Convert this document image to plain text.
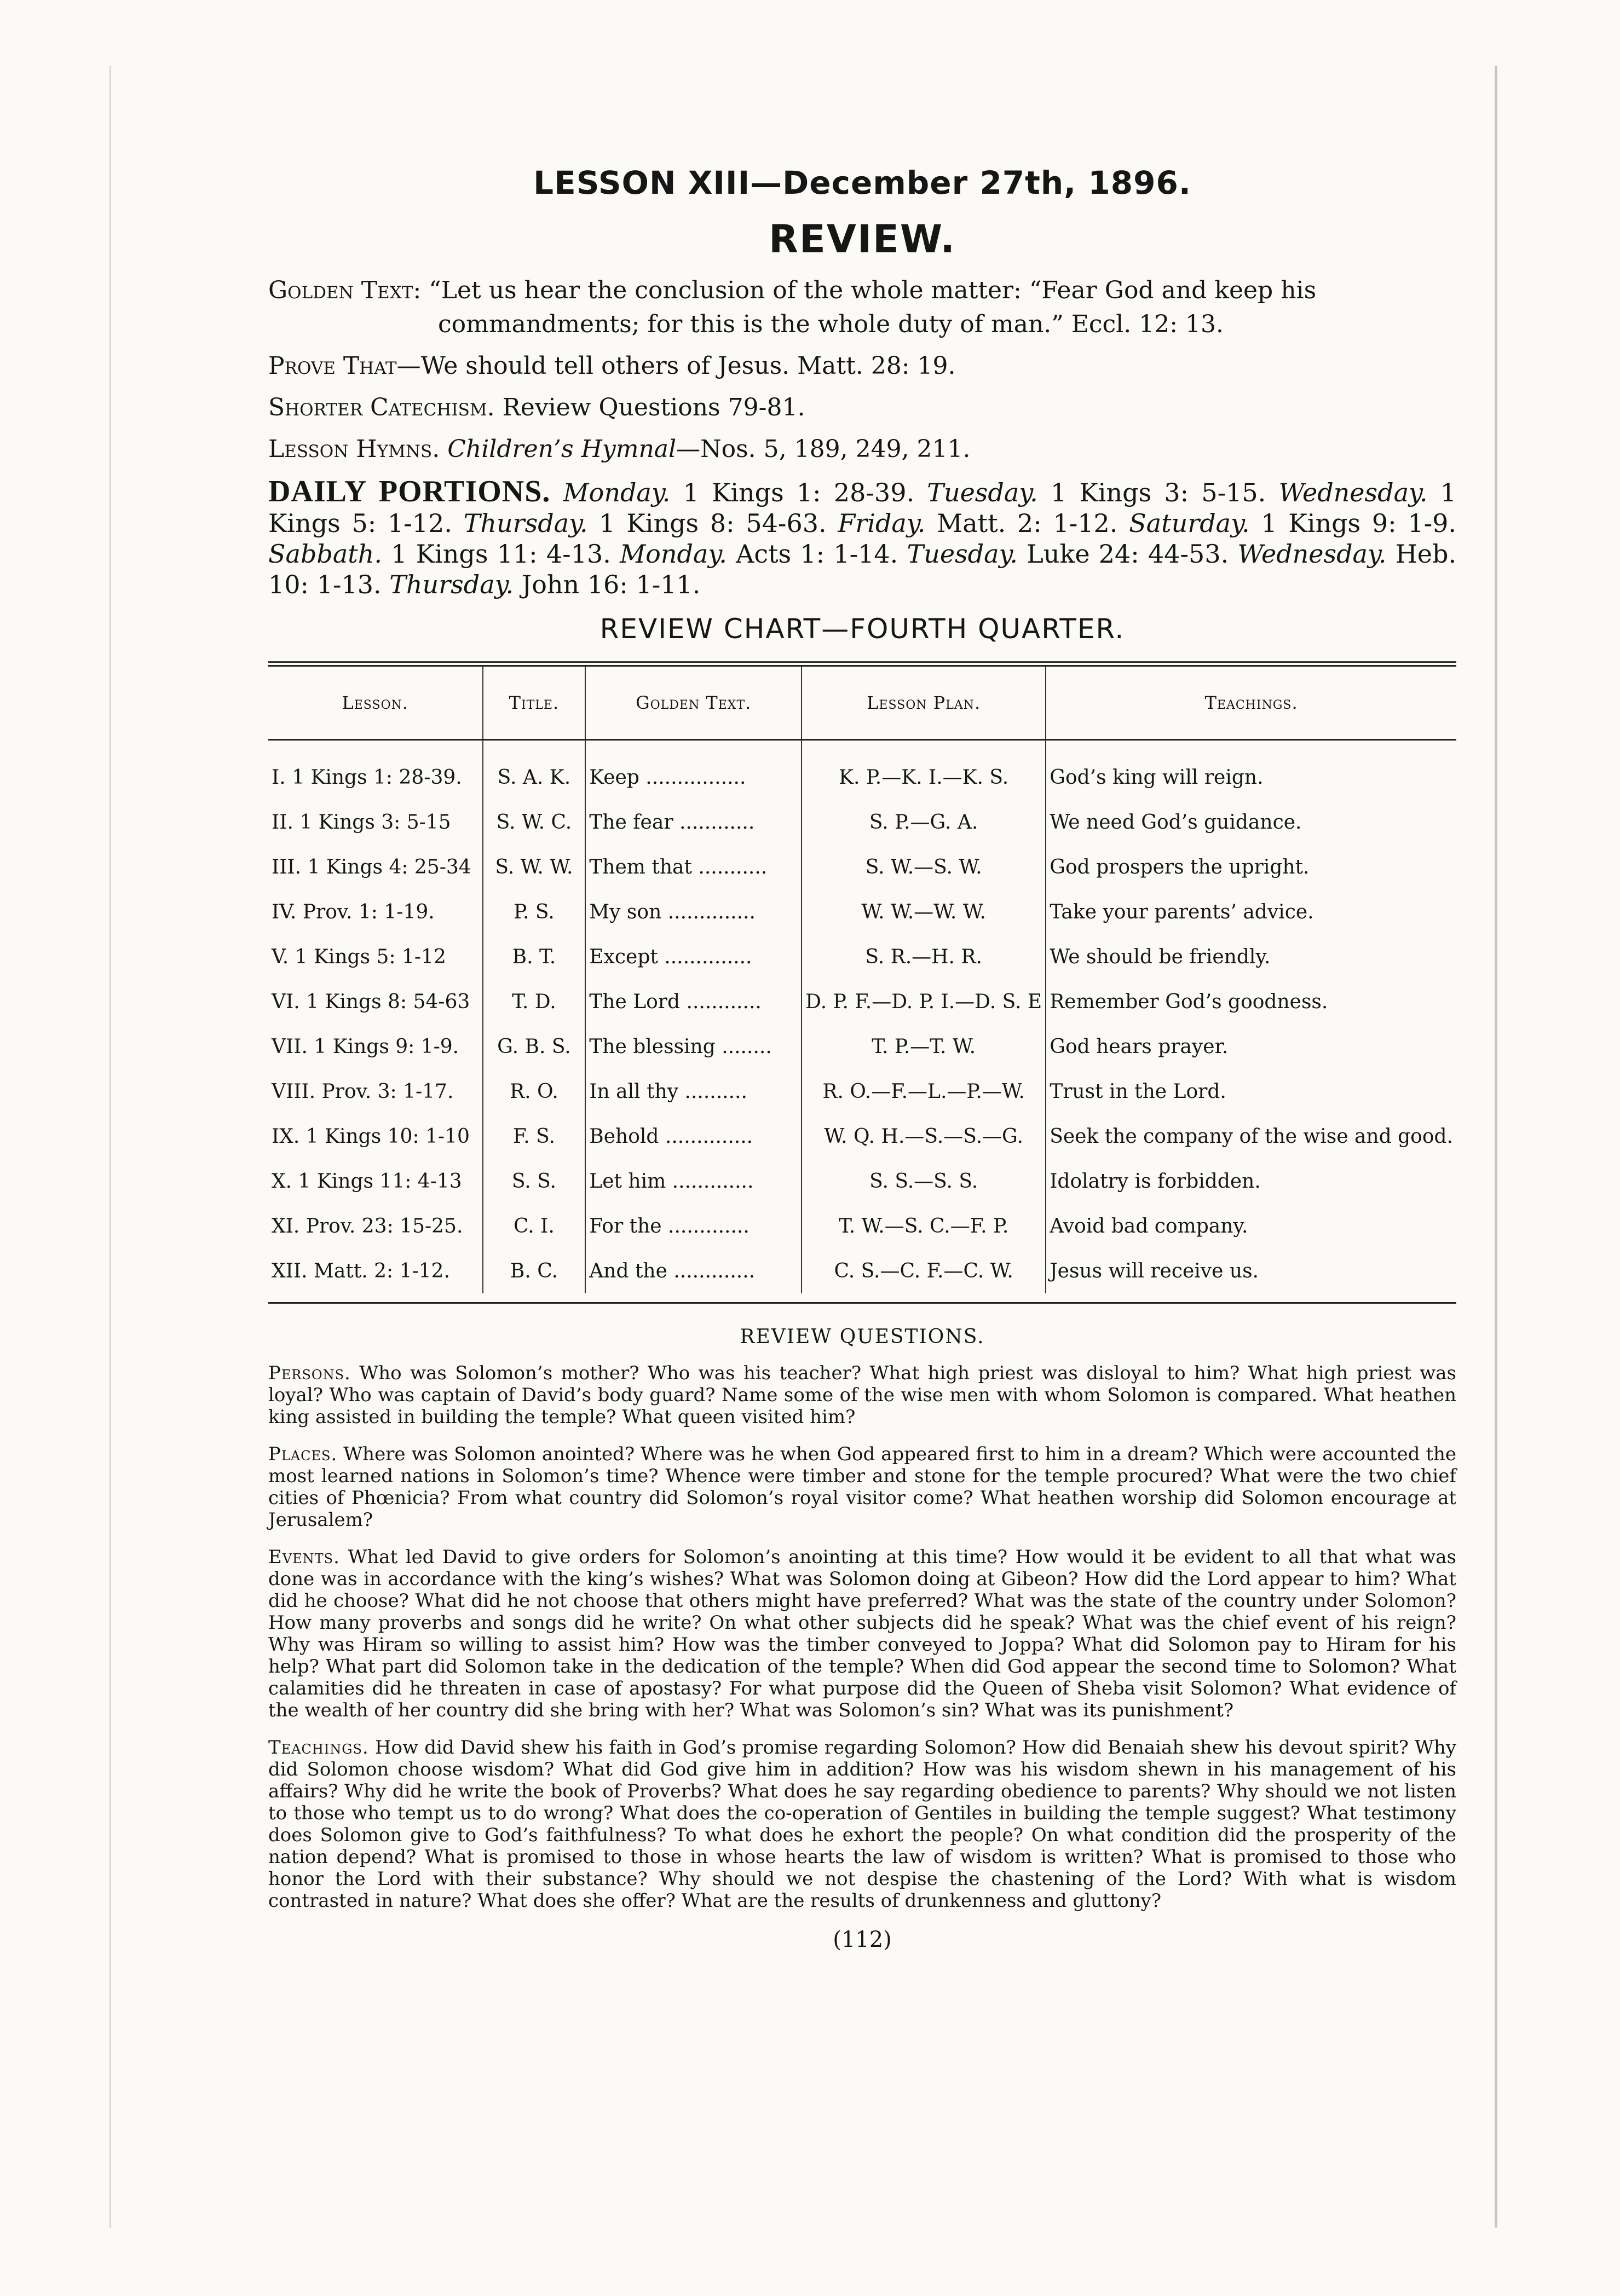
LESSON XIII—December 27th, 1896.
REVIEW.

Golden Text: “Let us hear the conclusion of the whole matter: “Fear God and keep his commandments; for this is the whole duty of man.” Eccl. 12: 13.

Prove That—We should tell others of Jesus. Matt. 28: 19.

Shorter Catechism. Review Questions 79-81.

Lesson Hymns. Children’s Hymnal—Nos. 5, 189, 249, 211.

DAILY PORTIONS. Monday. 1 Kings 1: 28-39. Tuesday. 1 Kings 3: 5-15. Wednesday. 1 Kings 5: 1-12. Thursday. 1 Kings 8: 54-63. Friday. Matt. 2: 1-12. Saturday. 1 Kings 9: 1-9. Sabbath. 1 Kings 11: 4-13. Monday. Acts 1: 1-14. Tuesday. Luke 24: 44-53. Wednesday. Heb. 10: 1-13. Thursday. John 16: 1-11.
REVIEW CHART—FOURTH QUARTER.
Lesson.	Title.	Golden Text.	Lesson Plan.	Teachings.
I. 1 Kings 1: 28-39.	S. A. K.	Keep ................	K. P.—K. I.—K. S.	God’s king will reign.
II. 1 Kings 3: 5-15	S. W. C.	The fear ............	S. P.—G. A.	We need God’s guidance.
III. 1 Kings 4: 25-34	S. W. W.	Them that ...........	S. W.—S. W.	God prospers the upright.
IV. Prov. 1: 1-19.	P. S.	My son ..............	W. W.—W. W.	Take your parents’ advice.
V. 1 Kings 5: 1-12	B. T.	Except ..............	S. R.—H. R.	We should be friendly.
VI. 1 Kings 8: 54-63	T. D.	The Lord ............	D. P. F.—D. P. I.—D. S. E	Remember God’s goodness.
VII. 1 Kings 9: 1-9.	G. B. S.	The blessing ........	T. P.—T. W.	God hears prayer.
VIII. Prov. 3: 1-17.	R. O.	In all thy ..........	R. O.—F.—L.—P.—W.	Trust in the Lord.
IX. 1 Kings 10: 1-10	F. S.	Behold ..............	W. Q. H.—S.—S.—G.	Seek the company of the wise and good.
X. 1 Kings 11: 4-13	S. S.	Let him .............	S. S.—S. S.	Idolatry is forbidden.
XI. Prov. 23: 15-25.	C. I.	For the .............	T. W.—S. C.—F. P.	Avoid bad company.
XII. Matt. 2: 1-12.	B. C.	And the .............	C. S.—C. F.—C. W.	Jesus will receive us.
REVIEW QUESTIONS.

Persons. Who was Solomon’s mother? Who was his teacher? What high priest was disloyal to him? What high priest was loyal? Who was captain of David’s body guard? Name some of the wise men with whom Solomon is compared. What heathen king assisted in building the temple? What queen visited him?

Places. Where was Solomon anointed? Where was he when God appeared first to him in a dream? Which were accounted the most learned nations in Solomon’s time? Whence were timber and stone for the temple procured? What were the two chief cities of Phœnicia? From what country did Solomon’s royal visitor come? What heathen worship did Solomon encourage at Jerusalem?

Events. What led David to give orders for Solomon’s anointing at this time? How would it be evident to all that what was done was in accordance with the king’s wishes? What was Solomon doing at Gibeon? How did the Lord appear to him? What did he choose? What did he not choose that others might have preferred? What was the state of the country under Solomon? How many proverbs and songs did he write? On what other subjects did he speak? What was the chief event of his reign? Why was Hiram so willing to assist him? How was the timber conveyed to Joppa? What did Solomon pay to Hiram for his help? What part did Solomon take in the dedication of the temple? When did God appear the second time to Solomon? What calamities did he threaten in case of apostasy? For what purpose did the Queen of Sheba visit Solomon? What evidence of the wealth of her country did she bring with her? What was Solomon’s sin? What was its punishment?

Teachings. How did David shew his faith in God’s promise regarding Solomon? How did Benaiah shew his devout spirit? Why did Solomon choose wisdom? What did God give him in addition? How was his wisdom shewn in his management of his affairs? Why did he write the book of Proverbs? What does he say regarding obedience to parents? Why should we not listen to those who tempt us to do wrong? What does the co-operation of Gentiles in building the temple suggest? What testimony does Solomon give to God’s faithfulness? To what does he exhort the people? On what condition did the prosperity of the nation depend? What is promised to those in whose hearts the law of wisdom is written? What is promised to those who honor the Lord with their substance? Why should we not despise the chastening of the Lord? With what is wisdom contrasted in nature? What does she offer? What are the results of drunkenness and gluttony?

(112)
